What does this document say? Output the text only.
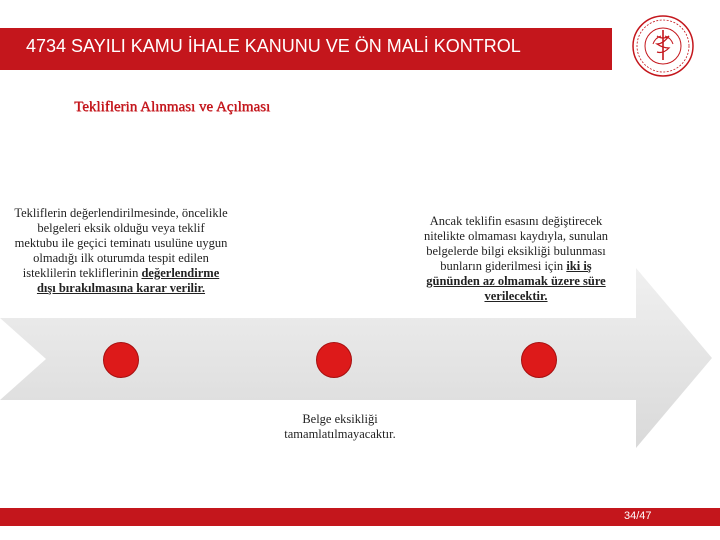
4734 SAYILI KAMU İHALE KANUNU VE ÖN MALİ KONTROL
Tekliflerin Alınması ve Açılması
Tekliflerin değerlendirilmesinde, öncelikle belgeleri eksik olduğu veya teklif mektubu ile geçici teminatı usulüne uygun olmadığı ilk oturumda tespit edilen isteklilerin tekliflerinin değerlendirme dışı bırakılmasına karar verilir.
Ancak teklifin esasını değiştirecek nitelikte olmaması kaydıyla, sunulan belgelerde bilgi eksikliği bulunması bunların giderilmesi için iki iş gününden az olmamak üzere süre verilecektir.
Belge eksikliği tamamlatılmayacaktır.
34/47
